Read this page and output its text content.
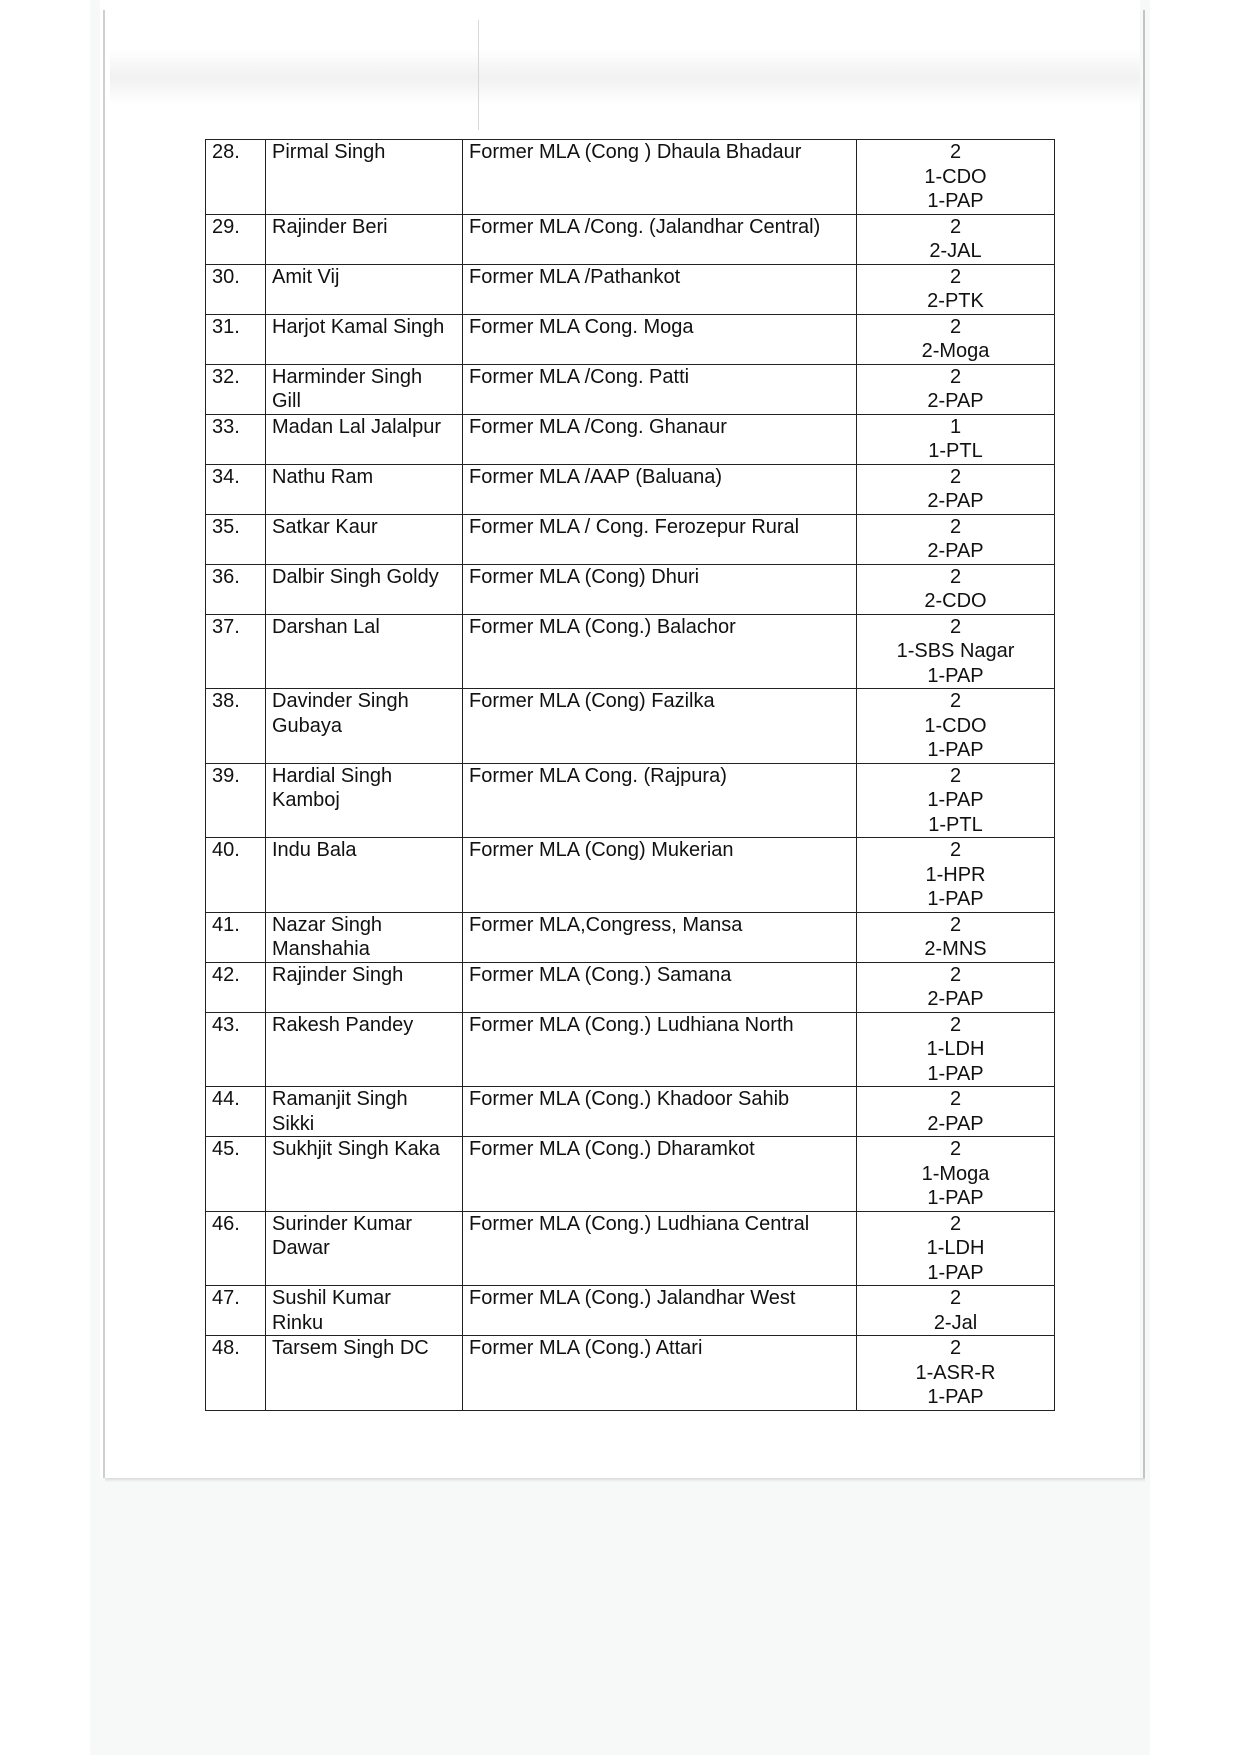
28.	Pirmal Singh	Former MLA (Cong ) Dhaula Bhadaur	2
1-CDO
1-PAP
29.	Rajinder Beri	Former MLA /Cong. (Jalandhar Central)	2
2-JAL
30.	Amit Vij	Former MLA /Pathankot	2
2-PTK
31.	Harjot Kamal Singh	Former MLA Cong. Moga	2
2-Moga
32.	Harminder Singh
Gill	Former MLA /Cong. Patti	2
2-PAP
33.	Madan Lal Jalalpur	Former MLA /Cong. Ghanaur	1
1-PTL
34.	Nathu Ram	Former MLA /AAP (Baluana)	2
2-PAP
35.	Satkar Kaur	Former MLA / Cong. Ferozepur Rural	2
2-PAP
36.	Dalbir Singh Goldy	Former MLA (Cong) Dhuri	2
2-CDO
37.	Darshan Lal	Former MLA (Cong.) Balachor	2
1-SBS Nagar
1-PAP
38.	Davinder Singh
Gubaya	Former MLA (Cong) Fazilka	2
1-CDO
1-PAP
39.	Hardial Singh
Kamboj	Former MLA Cong. (Rajpura)	2
1-PAP
1-PTL
40.	Indu Bala	Former MLA (Cong) Mukerian	2
1-HPR
1-PAP
41.	Nazar Singh
Manshahia	Former MLA,Congress, Mansa	2
2-MNS
42.	Rajinder Singh	Former MLA (Cong.) Samana	2
2-PAP
43.	Rakesh Pandey	Former MLA (Cong.) Ludhiana North	2
1-LDH
1-PAP
44.	Ramanjit Singh
Sikki	Former MLA (Cong.) Khadoor Sahib	2
2-PAP
45.	Sukhjit Singh Kaka	Former MLA (Cong.) Dharamkot	2
1-Moga
1-PAP
46.	Surinder Kumar
Dawar	Former MLA (Cong.) Ludhiana Central	2
1-LDH
1-PAP
47.	Sushil Kumar
Rinku	Former MLA (Cong.) Jalandhar West	2
2-Jal
48.	Tarsem Singh DC	Former MLA (Cong.) Attari	2
1-ASR-R
1-PAP
